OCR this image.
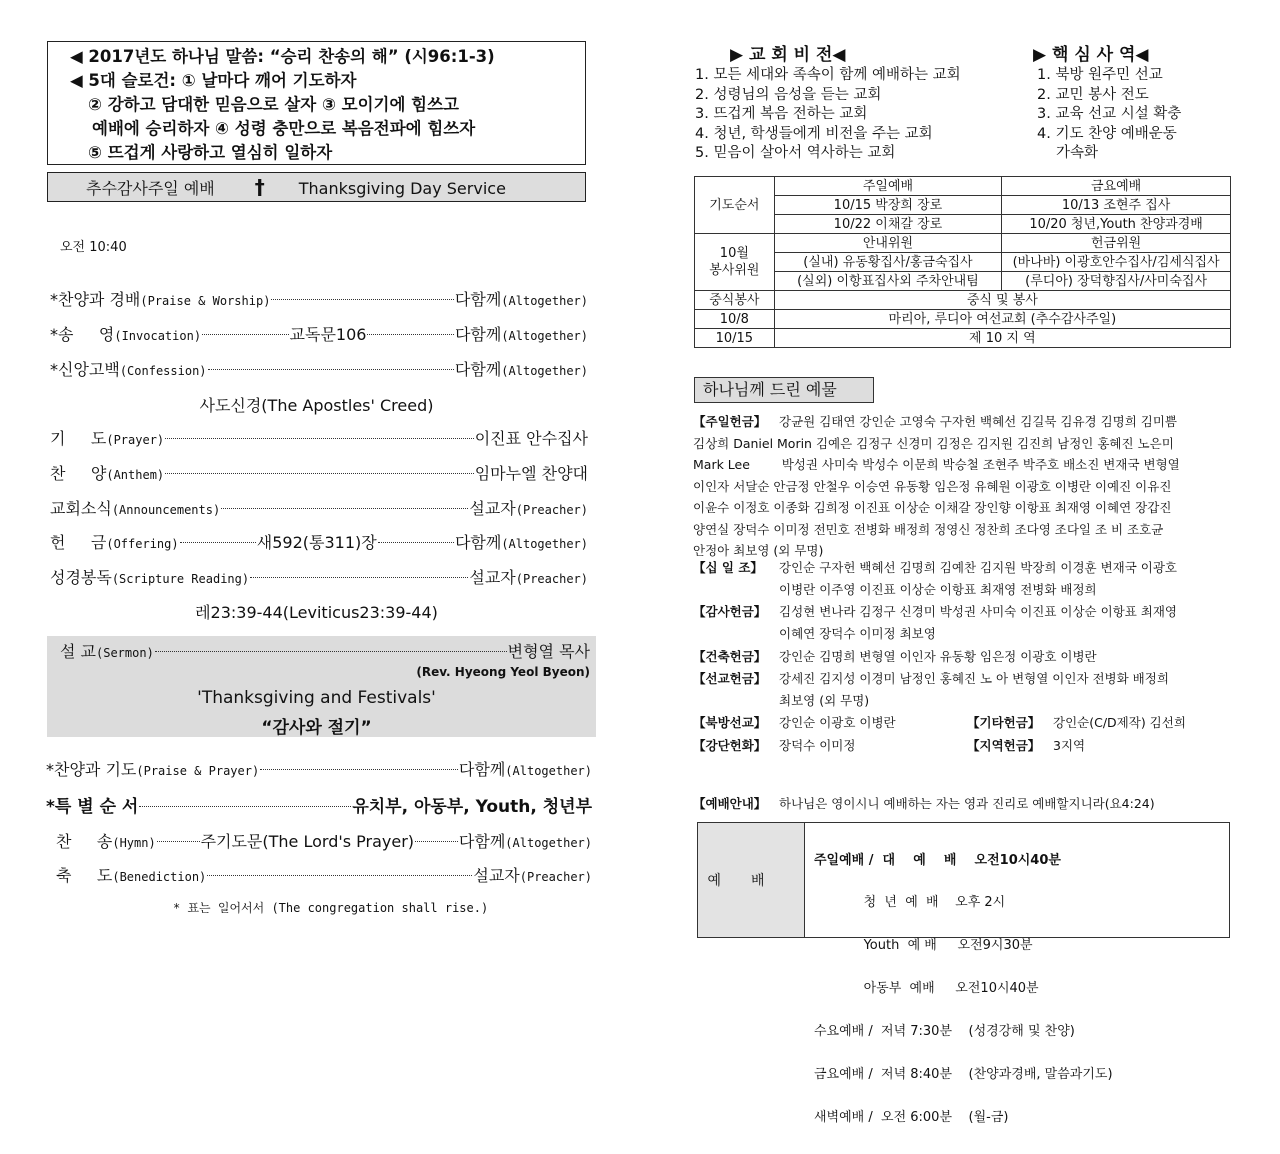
◀ 2017년도 하나님 말씀: “승리 찬송의 해” (시96:1-3)
◀ 5대 슬로건: ① 날마다 깨어 기도하자
② 강하고 담대한 믿음으로 살자 ③ 모이기에 힘쓰고
예배에 승리하자 ④ 성령 충만으로 복음전파에 힘쓰자
⑤ 뜨겁게 사랑하고 열심히 일하자
추수감사주일 예배 † Thanksgiving Day Service
오전 10:40
*찬양과 경배 (Praise & Worship)	다함께 (Altogether)
*송     영 (Invocation)	교독문106	다함께 (Altogether)
*신앙고백 (Confession)	다함께 (Altogether)
기     도 (Prayer)	이진표 안수집사
찬     양 (Anthem)	임마누엘 찬양대
교회소식 (Announcements)	설교자 (Preacher)
헌     금 (Offering)	새592(통311)장	다함께 (Altogether)
성경봉독 (Scripture Reading)	설교자 (Preacher)
사도신경(The Apostles' Creed)
레23:39-44(Leviticus23:39-44)
설 교 (Sermon)	변형열 목사
(Rev. Hyeong Yeol Byeon)
'Thanksgiving and Festivals'
“감사와 절기”
*찬양과 기도 (Praise & Prayer)	다함께 (Altogether)
*특 별 순 서	유치부, 아동부, Youth, 청년부
찬     송 (Hymn)	주기도문(The Lord's Prayer)	다함께 (Altogether)
축     도 (Benediction)	설교자 (Preacher)
* 표는 일어서서 (The congregation shall rise.)
▶ 교 회 비 전◀
1. 모든 세대와 족속이 함께 예배하는 교회
2. 성령님의 음성을 듣는 교회
3. 뜨겁게 복음 전하는 교회
4. 청년, 학생들에게 비전을 주는 교회
5. 믿음이 살아서 역사하는 교회
▶ 핵 심 사 역◀
1. 북방 원주민 선교
2. 교민 봉사 전도
3. 교육 선교 시설 확충
4. 기도 찬양 예배운동
가속화
기도순서	주일예배	금요예배
	10/15 박장희 장로	10/13 조현주 집사
	10/22 이채갈 장로	10/20 청년,Youth 찬양과경배
10월
봉사위원	안내위원	헌금위원
	(실내) 유동황집사/홍금숙집사	(바나바) 이광호안수집사/김세식집사
	(실외) 이항표집사외 주차안내팀	(루디아) 장덕향집사/사미숙집사
중식봉사	중식 및 봉사	
10/8	마리아, 루디아 여선교회 (추수감사주일)	
10/15	제 10 지 역	
하나님께 드린 예물
【주일헌금】 강균원 김태연 강인순 고영숙 구자헌 백혜선 김길묵 김유경 김명희 김미쁨
김상희 Daniel Morin 김예은 김정구 신경미 김정은 김지원 김진희 남정인 홍혜진 노은미
Mark Lee        박성권 사미숙 박성수 이문희 박승철 조현주 박주호 배소진 변재국 변형열
이인자 서달순 안금정 안철우 이승연 유동황 임은정 유혜원 이광호 이병란 이예진 이유진
이윤수 이정호 이종화 김희정 이진표 이상순 이채갈 장인향 이항표 최재영 이혜연 장갑진
양연실 장덕수 이미정 전민호 전병화 배정희 정영신 정찬희 조다영 조다일 조 비 조호균
안정아 최보영 (외 무명)
【십 일 조】 강인순 구자헌 백혜선 김명희 김예찬 김지원 박장희 이경훈 변재국 이광호
이병란 이주영 이진표 이상순 이항표 최재영 전병화 배정희
【감사헌금】 김성현 변나라 김정구 신경미 박성권 사미숙 이진표 이상순 이항표 최재영
이혜연 장덕수 이미정 최보영
【건축헌금】 강인순 김명희 변형열 이인자 유동황 임은정 이광호 이병란
【선교헌금】 강세진 김지성 이경미 남정인 홍혜진 노 아 변형열 이인자 전병화 배정희
최보영 (외 무명)
【북방선교】 강인순 이광호 이병란	【기타헌금】 강인순(C/D제작) 김선희
【강단헌화】 장덕수 이미정	【지역헌금】 3지역
【예배안내】 하나님은 영이시니 예배하는 자는 영과 진리로 예배할지니라(요4:24)
예배

주일예배 /  대    예    배    오전10시40분

청  년  예  배    오후 2시

Youth  예 배     오전9시30분

아동부  예배     오전10시40분

수요예배 /  저녁 7:30분    (성경강해 및 찬양)

금요예배 /  저녁 8:40분    (찬양과경배, 말씀과기도)

새벽예배 /  오전 6:00분    (월-금)
